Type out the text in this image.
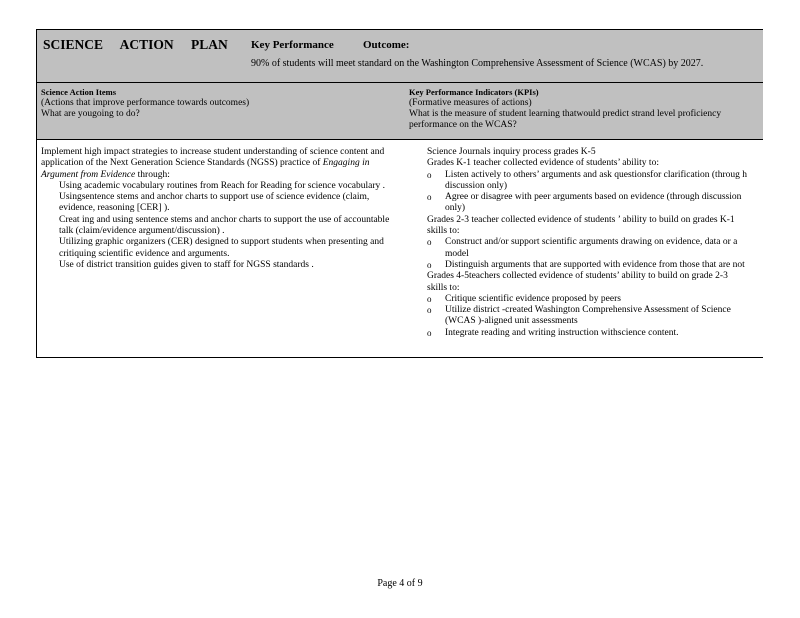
SCIENCE ACTION PLAN Key Performance	Outcome:
90% of students will meet standard on the Washington Comprehensive Assessment of Science (WCAS) by 2027.
Science Action Items
(Actions that improve performance towards outcomes)
What are yougoing to do?
Key Performance Indicators (KPIs)
(Formative measures of actions)
What is the measure of student learning thatwould predict strand level proficiency performance on the WCAS?
Implement high impact strategies to increase student understanding of science content and application of the Next Generation Science Standards (NGSS) practice of Engaging in Argument from Evidence through:
Using academic vocabulary routines from Reach for Reading for science vocabulary .
Usingsentence stems and anchor charts to support use of science evidence (claim, evidence, reasoning [CER] ).
Creat ing and using sentence stems and anchor charts to support the use of accountable talk (claim/evidence argument/discussion) .
Utilizing graphic organizers (CER) designed to support students when presenting and critiquing scientific evidence and arguments.
Use of district transition guides given to staff for NGSS standards .
Science Journals inquiry process grades K-5
Grades K-1 teacher collected evidence of students’ ability to:
o Listen actively to others’ arguments and ask questionsfor clarification (throug h discussion only)
o Agree or disagree with peer arguments based on evidence (through discussion only)
Grades 2-3 teacher collected evidence of students ’ ability to build on grades K-1 skills to:
o Construct and/or support scientific arguments drawing on evidence, data or a model
o Distinguish arguments that are supported with evidence from those that are not
Grades 4-5teachers collected evidence of students’ ability to build on grade 2-3 skills to:
o Critique scientific evidence proposed by peers
o Utilize district -created Washington Comprehensive Assessment of Science (WCAS )-aligned unit assessments
o Integrate reading and writing instruction withscience content.
Page 4 of 9
